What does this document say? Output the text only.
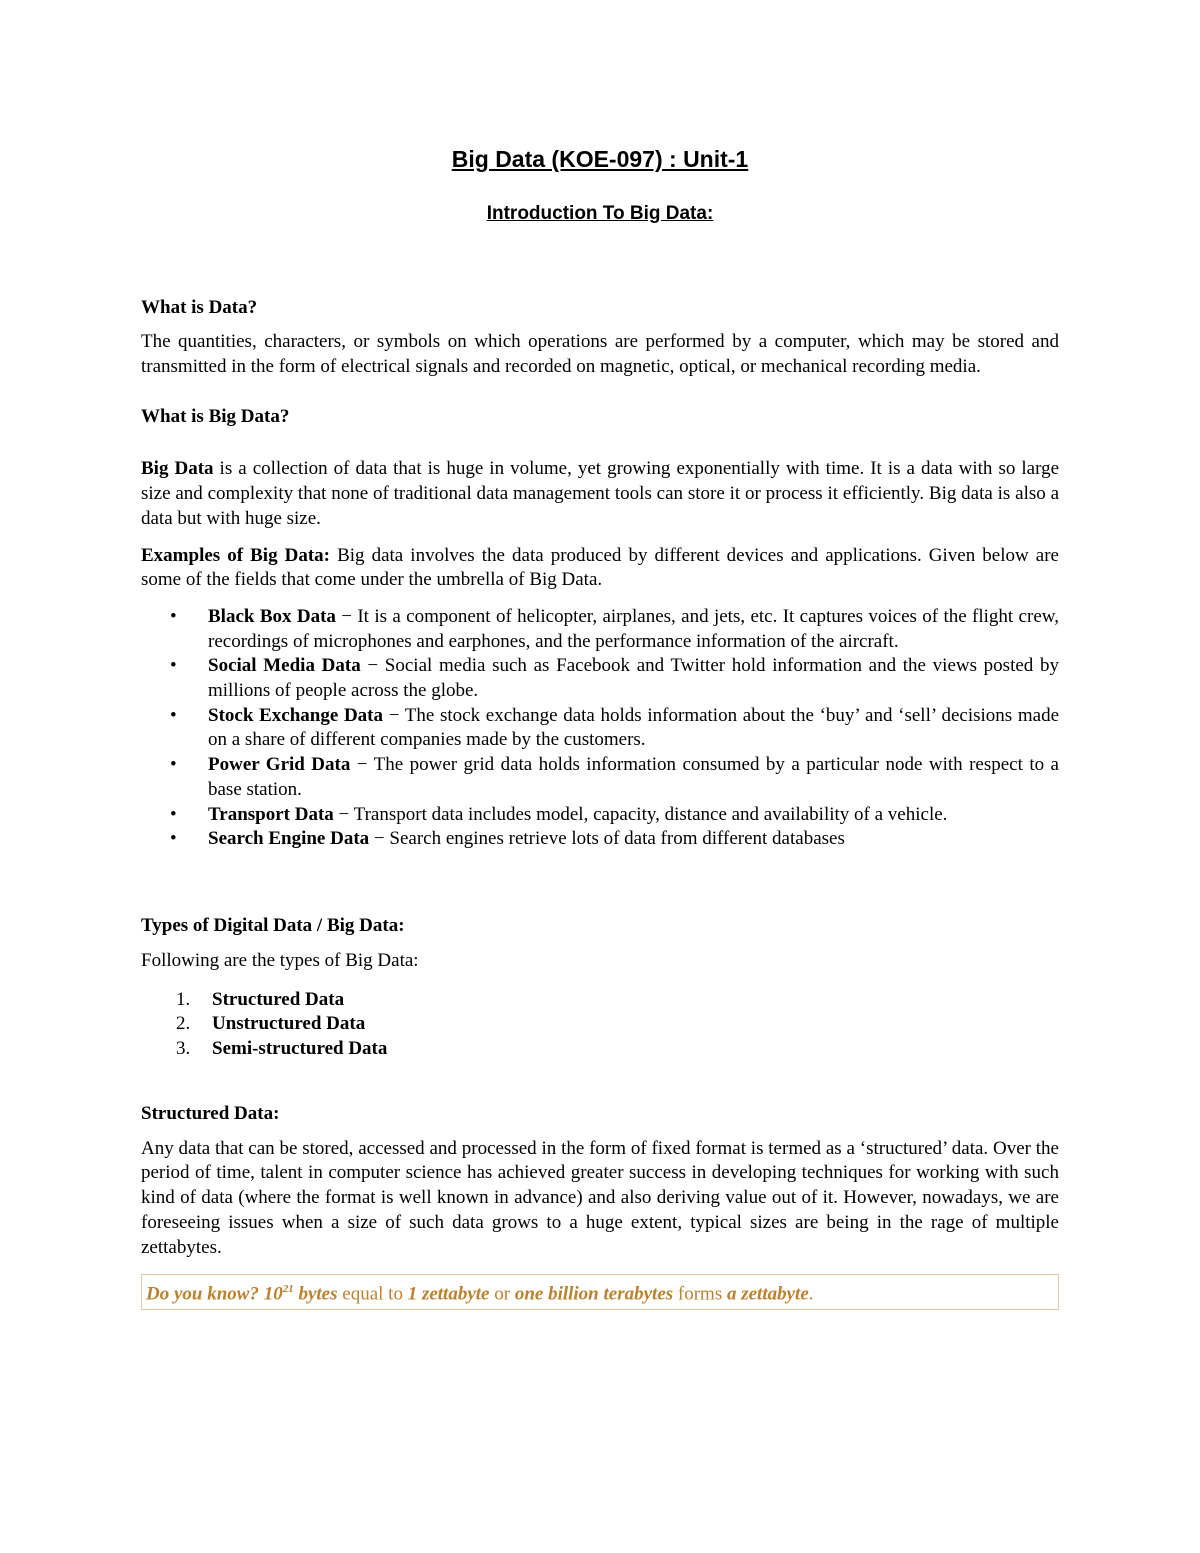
Big Data (KOE-097) : Unit-1
Introduction To Big Data:
What is Data?

The quantities, characters, or symbols on which operations are performed by a computer, which may be stored and transmitted in the form of electrical signals and recorded on magnetic, optical, or mechanical recording media.

What is Big Data?

Big Data is a collection of data that is huge in volume, yet growing exponentially with time. It is a data with so large size and complexity that none of traditional data management tools can store it or process it efficiently. Big data is also a data but with huge size.

Examples of Big Data: Big data involves the data produced by different devices and applications. Given below are some of the fields that come under the umbrella of Big Data.

• Black Box Data − It is a component of helicopter, airplanes, and jets, etc. It captures voices of the flight crew, recordings of microphones and earphones, and the performance information of the aircraft.
• Social Media Data − Social media such as Facebook and Twitter hold information and the views posted by millions of people across the globe.
• Stock Exchange Data − The stock exchange data holds information about the ‘buy’ and ‘sell’ decisions made on a share of different companies made by the customers.
• Power Grid Data − The power grid data holds information consumed by a particular node with respect to a base station.
• Transport Data − Transport data includes model, capacity, distance and availability of a vehicle.
• Search Engine Data − Search engines retrieve lots of data from different databases
Types of Digital Data / Big Data:

Following are the types of Big Data:

1. Structured Data
2. Unstructured Data
3. Semi-structured Data
Structured Data:

Any data that can be stored, accessed and processed in the form of fixed format is termed as a ‘structured’ data. Over the period of time, talent in computer science has achieved greater success in developing techniques for working with such kind of data (where the format is well known in advance) and also deriving value out of it. However, nowadays, we are foreseeing issues when a size of such data grows to a huge extent, typical sizes are being in the rage of multiple zettabytes.

Do you know? $10^{21}$ bytes equal to 1 zettabyte or one billion terabytes forms a zettabyte.
